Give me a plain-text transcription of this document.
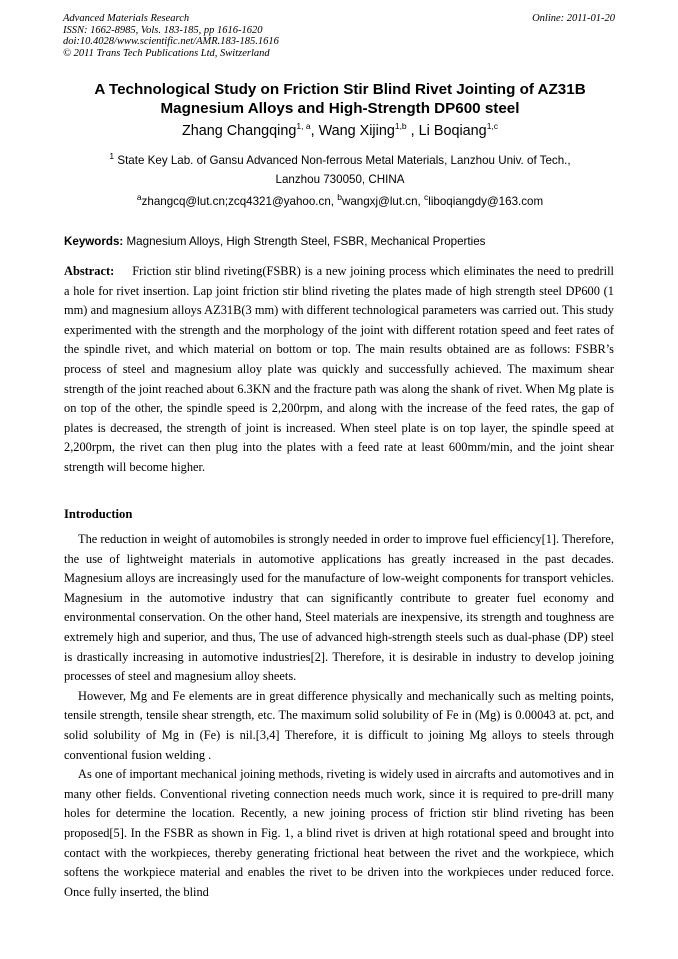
Advanced Materials Research
ISSN: 1662-8985, Vols. 183-185, pp 1616-1620
doi:10.4028/www.scientific.net/AMR.183-185.1616
© 2011 Trans Tech Publications Ltd, Switzerland
Online: 2011-01-20
A Technological Study on Friction Stir Blind Rivet Jointing of AZ31B Magnesium Alloys and High-Strength DP600 steel
Zhang Changqing$^{1, a}$, Wang Xijing$^{1,b}$ , Li Boqiang$^{1,c}$
$^1$ State Key Lab. of Gansu Advanced Non-ferrous Metal Materials, Lanzhou Univ. of Tech.,
Lanzhou 730050, CHINA
$^a$zhangcq@lut.cn;zcq4321@yahoo.cn, $^b$wangxj@lut.cn, $^c$liboqiangdy@163.com
Keywords: Magnesium Alloys, High Strength Steel, FSBR, Mechanical Properties
Abstract: Friction stir blind riveting(FSBR) is a new joining process which eliminates the need to predrill a hole for rivet insertion. Lap joint friction stir blind riveting the plates made of high strength steel DP600 (1 mm) and magnesium alloys AZ31B(3 mm) with different technological parameters was carried out. This study experimented with the strength and the morphology of the joint with different rotation speed and feet rates of the spindle rivet, and which material on bottom or top. The main results obtained are as follows: FSBR’s process of steel and magnesium alloy plate was quickly and successfully achieved. The maximum shear strength of the joint reached about 6.3KN and the fracture path was along the shank of rivet. When Mg plate is on top of the other, the spindle speed is 2,200rpm, and along with the increase of the feed rates, the gap of plates is decreased, the strength of joint is increased. When steel plate is on top layer, the spindle speed at 2,200rpm, the rivet can then plug into the plates with a feed rate at least 600mm/min, and the joint shear strength will become higher.
Introduction

The reduction in weight of automobiles is strongly needed in order to improve fuel efficiency[1]. Therefore, the use of lightweight materials in automotive applications has greatly increased in the past decades. Magnesium alloys are increasingly used for the manufacture of low-weight components for transport vehicles. Magnesium in the automotive industry that can significantly contribute to greater fuel economy and environmental conservation. On the other hand, Steel materials are inexpensive, its strength and toughness are extremely high and superior, and thus, The use of advanced high-strength steels such as dual-phase (DP) steel is drastically increasing in automotive industries[2]. Therefore, it is desirable in industry to develop joining processes of steel and magnesium alloy sheets.

However, Mg and Fe elements are in great difference physically and mechanically such as melting points, tensile strength, tensile shear strength, etc. The maximum solid solubility of Fe in (Mg) is 0.00043 at. pct, and solid solubility of Mg in (Fe) is nil.[3,4] Therefore, it is difficult to joining Mg alloys to steels through conventional fusion welding .

As one of important mechanical joining methods, riveting is widely used in aircrafts and automotives and in many other fields. Conventional riveting connection needs much work, since it is required to pre-drill many holes for determine the location. Recently, a new joining process of friction stir blind riveting has been proposed[5]. In the FSBR as shown in Fig. 1, a blind rivet is driven at high rotational speed and brought into contact with the workpieces, thereby generating frictional heat between the rivet and the workpiece, which softens the workpiece material and enables the rivet to be driven into the workpieces under reduced force. Once fully inserted, the blind
